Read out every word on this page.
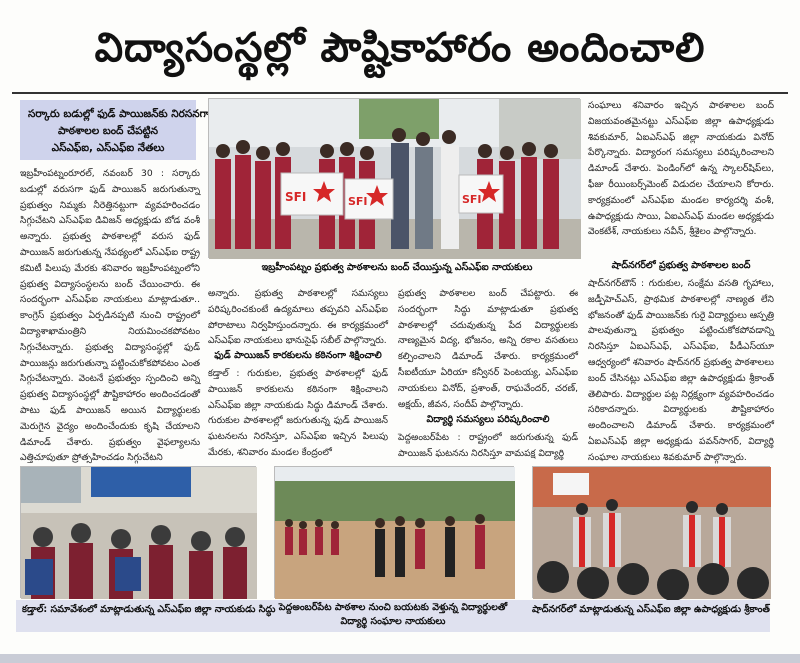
విద్యాసంస్థల్లో పౌష్టికాహారం అందించాలి
సర్కారు బడుల్లో ఫుడ్ పాయిజన్‌కు నిరసనగా
పాఠశాలల బంద్ చేపట్టిన
ఎస్ఎఫ్ఐ, ఎస్ఎఫ్ఐ నేతలు
SFI	SFI	SFI
ఇబ్రహీంపట్నం ప్రభుత్వ పాఠశాలను బంద్ చేయిస్తున్న ఎస్ఎఫ్ఐ నాయకులు
ఇబ్రహీంపట్నంరూరల్, నవంబర్ 30 : సర్కారు బడుల్లో వరుసగా ఫుడ్ పాయిజన్ జరుగుతున్నా ప్రభుత్వం నిమ్మకు నీరెత్తినట్టుగా వ్యవహరించడం సిగ్గుచేటని ఎస్ఎఫ్ఐ డివిజన్ అధ్యక్షుడు బోడ వంశీ అన్నారు. ప్రభుత్వ పాఠశాలల్లో వరుస ఫుడ్ పాయిజన్ జరుగుతున్న నేపథ్యంలో ఎస్ఎఫ్ఐ రాష్ట్ర కమిటీ పిలుపు మేరకు శనివారం ఇబ్రహీంపట్నంలోని ప్రభుత్వ విద్యాసంస్థలను బంద్ చేయించారు. ఈ సందర్భంగా ఎస్ఎఫ్ఐ నాయకులు మాట్లాడుతూ.. కాంగ్రెస్ ప్రభుత్వం ఏర్పడినప్పటి నుంచి రాష్ట్రంలో విద్యాశాఖామంత్రిని నియమించకపోవటం సిగ్గుచేటన్నారు. ప్రభుత్వ విద్యాసంస్థల్లో ఫుడ్ పాయిజన్లు జరుగుతున్నా పట్టించుకోకపోవటం ఎంత సిగ్గుచేటన్నారు. వెంటనే ప్రభుత్వం స్పందించి అన్ని ప్రభుత్వ విద్యాసంస్థల్లో పౌష్టికాహారం అందించడంతో పాటు ఫుడ్ పాయిజన్ అయిన విద్యార్థులకు మెరుగైన వైద్యం అందించేందుకు కృషి చేయాలని డిమాండ్ చేశారు. ప్రభుత్వం వైఫల్యాలను ఎత్తిచూపుతూ ప్రోత్సహించడం సిగ్గుచేటని
అన్నారు. ప్రభుత్వ పాఠశాలల్లో సమస్యలు పరిష్కరించకుంటే ఉద్యమాలు తప్పవని ఎస్ఎఫ్ఐ పోరాటాలు నిర్వహిస్తుందన్నారు. ఈ కార్యక్రమంలో ఎస్ఎఫ్ఐ నాయకులు భానుసైఫ్ సబీల్ పాల్గొన్నారు.
ఫుడ్ పాయిజన్ కారకులను కఠినంగా శిక్షించాలి
కడ్తాల్ : గురుకుల, ప్రభుత్వ పాఠశాలల్లో ఫుడ్ పాయిజన్ కారకులను కఠినంగా శిక్షించాలని ఎస్ఎఫ్ఐ జిల్లా నాయకుడు సిద్ధు డిమాండ్ చేశారు. గురుకుల పాఠశాలల్లో జరుగుతున్న ఫుడ్ పాయిజన్ ఘటనలను నిరసిస్తూ, ఎస్ఎఫ్ఐ ఇచ్చిన పిలుపు మేరకు, శనివారం మండల కేంద్రంలో
ప్రభుత్వ పాఠశాలల బంద్ చేపట్టారు. ఈ సందర్భంగా సిద్ధు మాట్లాడుతూ ప్రభుత్వ పాఠశాలల్లో చదువుతున్న పేద విద్యార్థులకు నాణ్యమైన విద్య, భోజనం, అన్ని రకాల వసతులు కల్పించాలని డిమాండ్ చేశారు. కార్యక్రమంలో సీఐటీయూ ఏరియా కన్వీనర్ పెంటయ్య, ఎస్ఎఫ్ఐ నాయకులు వినోద్, ప్రశాంత్, రాఘవేందర్, చరణ్, అక్షయ్, జీవన, సందీప్ పాల్గొన్నారు.
విద్యార్థి సమస్యలు పరిష్కరించాలి
పెద్దఅంబర్‌పేట : రాష్ట్రంలో జరుగుతున్న ఫుడ్ పాయిజన్ ఘటనను నిరసిస్తూ వామపక్ష విద్యార్థి
సంఘాలు శనివారం ఇచ్చిన పాఠశాలల బంద్ విజయవంతమైనట్టు ఎస్ఎఫ్ఐ జిల్లా ఉపాధ్యక్షుడు శివకుమార్, ఏఐఎస్ఎఫ్ జిల్లా నాయకుడు వినోద్ పేర్కొన్నారు. విద్యారంగ సమస్యలు పరిష్కరించాలని డిమాండ్ చేశారు. పెండింగ్‌లో ఉన్న స్కాలర్‌షిప్‌లు, ఫీజు రీయింబర్స్‌మెంట్ విడుదల చేయాలని కోరారు. కార్యక్రమంలో ఎస్ఎఫ్ఐ మండల కార్యదర్శి వంశీ, ఉపాధ్యక్షుడు సాయి, ఏఐఎస్ఎఫ్ మండల అధ్యక్షుడు వెంకటేశ్, నాయకులు నవీన్, శ్రీశైలం పాల్గొన్నారు.
షాద్‌నగర్‌లో ప్రభుత్వ పాఠశాలల బంద్
షాద్‌నగర్‌టౌన్ : గురుకుల, సంక్షేమ వసతి గృహాలు, జడ్పీహెచ్ఎస్, ప్రాథమిక పాఠశాలల్లో నాణ్యత లేని భోజనంతో ఫుడ్ పాయిజన్‌కు గురై విద్యార్థులు ఆస్పత్రి పాలవుతున్నా ప్రభుత్వం పట్టించుకోకపోవడాన్ని నిరసిస్తూ ఏఐఎస్ఎఫ్, ఎస్ఎఫ్ఐ, పీడీఎస్‌యూ ఆధ్వర్యంలో శనివారం షాద్‌నగర్ ప్రభుత్వ పాఠశాలలు బంద్ చేసినట్లు ఎస్ఎఫ్ఐ జిల్లా ఉపాధ్యక్షుడు శ్రీకాంత్ తెలిపారు. విద్యార్థుల పట్ల నిర్లక్ష్యంగా వ్యవహరించడం సరికాదన్నారు. విద్యార్థులకు పౌష్టికాహారం అందించాలని డిమాండ్ చేశారు. కార్యక్రమంలో ఏఐఎస్ఎఫ్ జిల్లా అధ్యక్షుడు పవన్‌సాగర్, విద్యార్థి సంఘాల నాయకులు శివకుమార్ పాల్గొన్నారు.
కడ్తాల్: సమావేశంలో మాట్లాడుతున్న ఎస్ఎఫ్ఐ జిల్లా నాయకుడు సిద్ధు పెద్దఅంబర్‌పేట పాఠశాల నుంచి బయటకు వెళ్తున్న విద్యార్థులతో
విద్యార్థి సంఘాల నాయకులు
షాద్‌నగర్‌లో మాట్లాడుతున్న ఎస్ఎఫ్ఐ జిల్లా ఉపాధ్యక్షుడు శ్రీకాంత్
